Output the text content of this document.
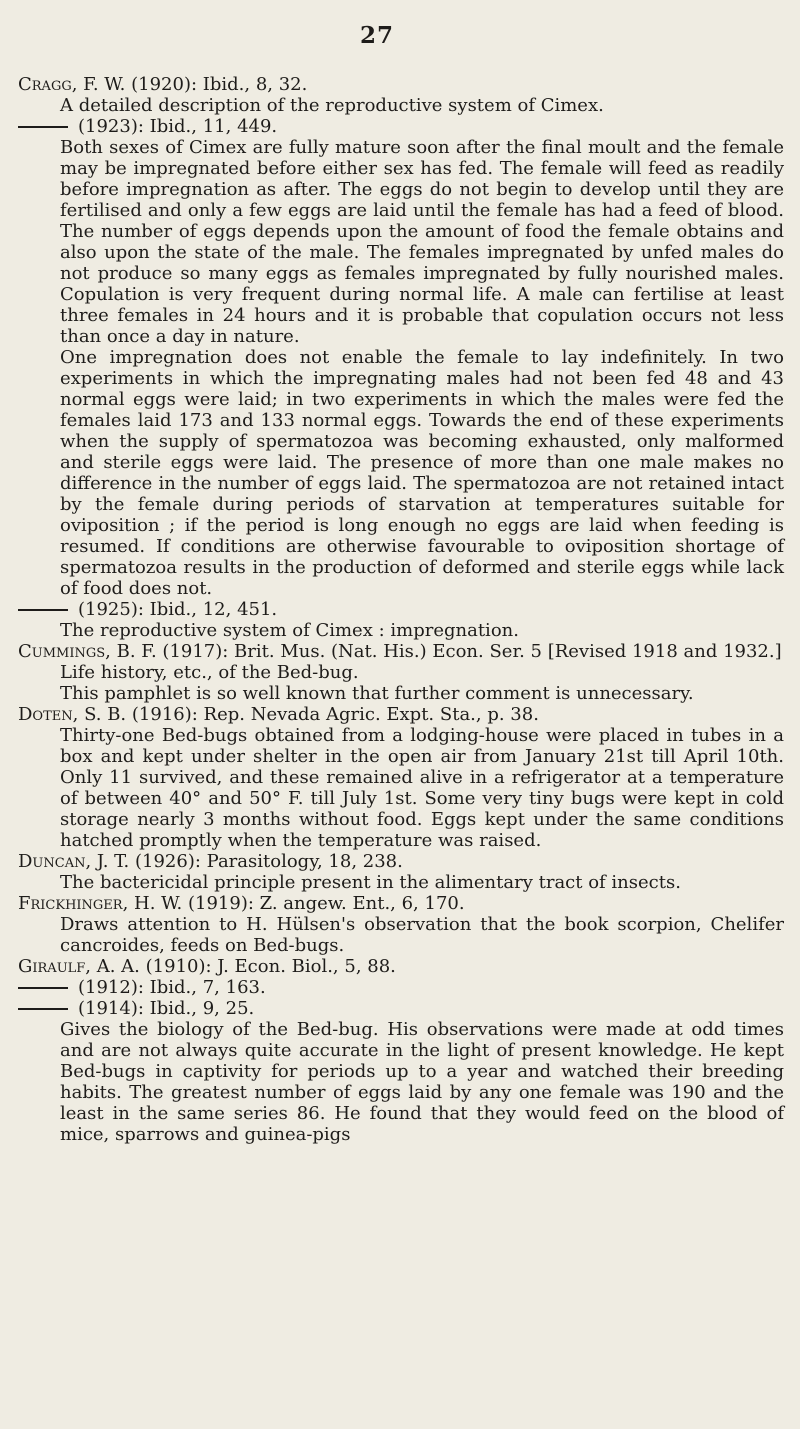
27

Cragg, F. W. (1920): Ibid., 8, 32.

A detailed description of the reproductive system of Cimex.

(1923): Ibid., 11, 449.

Both sexes of Cimex are fully mature soon after the final moult and the female may be impregnated before either sex has fed. The female will feed as readily before impregnation as after. The eggs do not begin to develop until they are fertilised and only a few eggs are laid until the female has had a feed of blood. The number of eggs depends upon the amount of food the female obtains and also upon the state of the male. The females impregnated by unfed males do not produce so many eggs as females impregnated by fully nourished males. Copulation is very frequent during normal life. A male can fertilise at least three females in 24 hours and it is probable that copulation occurs not less than once a day in nature.

One impregnation does not enable the female to lay indefinitely. In two experiments in which the impregnating males had not been fed 48 and 43 normal eggs were laid; in two experiments in which the males were fed the females laid 173 and 133 normal eggs. Towards the end of these experiments when the supply of spermatozoa was becoming exhausted, only malformed and sterile eggs were laid. The presence of more than one male makes no difference in the number of eggs laid. The spermatozoa are not retained intact by the female during periods of starvation at temperatures suitable for oviposition ; if the period is long enough no eggs are laid when feeding is resumed. If conditions are otherwise favourable to oviposition shortage of spermatozoa results in the production of deformed and sterile eggs while lack of food does not.

(1925): Ibid., 12, 451.

The reproductive system of Cimex : impregnation.

Cummings, B. F. (1917): Brit. Mus. (Nat. His.) Econ. Ser. 5 [Revised 1918 and 1932.]

Life history, etc., of the Bed-bug.

This pamphlet is so well known that further comment is unnecessary.

Doten, S. B. (1916): Rep. Nevada Agric. Expt. Sta., p. 38.

Thirty-one Bed-bugs obtained from a lodging-house were placed in tubes in a box and kept under shelter in the open air from January 21st till April 10th. Only 11 survived, and these remained alive in a refrigerator at a temperature of between 40° and 50° F. till July 1st. Some very tiny bugs were kept in cold storage nearly 3 months without food. Eggs kept under the same conditions hatched promptly when the temperature was raised.

Duncan, J. T. (1926): Parasitology, 18, 238.

The bactericidal principle present in the alimentary tract of insects.

Frickhinger, H. W. (1919): Z. angew. Ent., 6, 170.

Draws attention to H. Hülsen's observation that the book scorpion, Chelifer cancroides, feeds on Bed-bugs.

Giraulf, A. A. (1910): J. Econ. Biol., 5, 88.

(1912): Ibid., 7, 163.

(1914): Ibid., 9, 25.

Gives the biology of the Bed-bug. His observations were made at odd times and are not always quite accurate in the light of present knowledge. He kept Bed-bugs in captivity for periods up to a year and watched their breeding habits. The greatest number of eggs laid by any one female was 190 and the least in the same series 86. He found that they would feed on the blood of mice, sparrows and guinea-pigs
